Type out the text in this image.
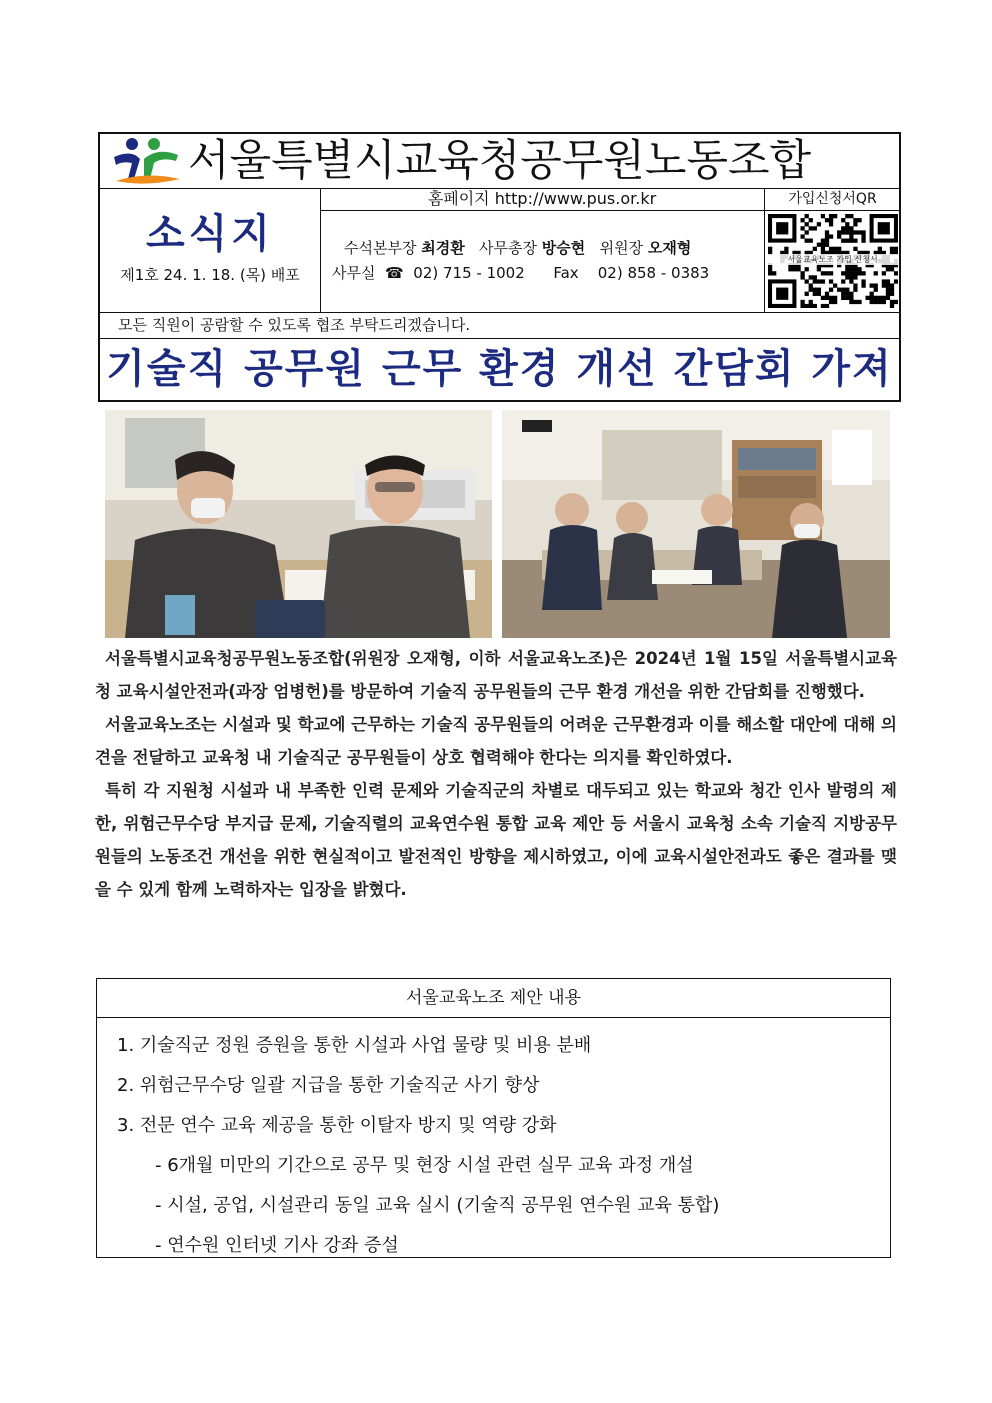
서울특별시교육청공무원노동조합
소식지
제1호 24. 1. 18. (목) 배포
홈페이지 http://www.pus.or.kr
수석본부장 최경환 사무총장 방승현 위원장 오재형
사무실  ☎  02) 715 - 1002 Fax 02) 858 - 0383
가입신청서QR
서울교육노조 가입 신청서
모든 직원이 공람할 수 있도록 협조 부탁드리겠습니다.
기술직 공무원 근무 환경 개선 간담회 가져

서울특별시교육청공무원노동조합(위원장 오재형, 이하 서울교육노조)은 2024년 1월 15일 서울특별시교육청 교육시설안전과(과장 엄병헌)를 방문하여 기술직 공무원들의 근무 환경 개선을 위한 간담회를 진행했다.

서울교육노조는 시설과 및 학교에 근무하는 기술직 공무원들의 어려운 근무환경과 이를 해소할 대안에 대해 의견을 전달하고 교육청 내 기술직군 공무원들이 상호 협력해야 한다는 의지를 확인하였다.

특히 각 지원청 시설과 내 부족한 인력 문제와 기술직군의 차별로 대두되고 있는 학교와 청간 인사 발령의 제한, 위험근무수당 부지급 문제, 기술직렬의 교육연수원 통합 교육 제안 등 서울시 교육청 소속 기술직 지방공무원들의 노동조건 개선을 위한 현실적이고 발전적인 방향을 제시하였고, 이에 교육시설안전과도 좋은 결과를 맺을 수 있게 함께 노력하자는 입장을 밝혔다.

서울교육노조 제안 내용
1. 기술직군 정원 증원을 통한 시설과 사업 물량 및 비용 분배
2. 위험근무수당 일괄 지급을 통한 기술직군 사기 향상
3. 전문 연수 교육 제공을 통한 이탈자 방지 및 역량 강화
- 6개월 미만의 기간으로 공무 및 현장 시설 관련 실무 교육 과정 개설
- 시설, 공업, 시설관리 동일 교육 실시 (기술직 공무원 연수원 교육 통합)
- 연수원 인터넷 기사 강좌 증설
